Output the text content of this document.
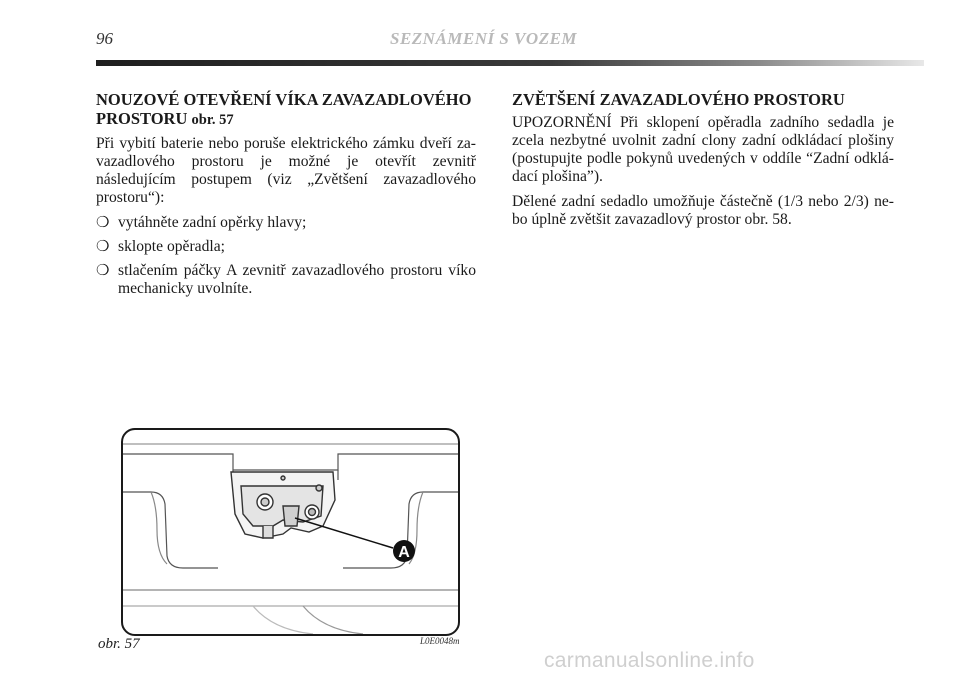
96	SEZNÁMENÍ S VOZEM
NOUZOVÉ OTEVŘENÍ VÍKA ZAVAZADLOVÉHO PROSTORU obr. 57

Při vybití baterie nebo poruše elektrického zámku dveří za-vazadlového prostoru je možné je otevřít zevnitř následujícím postupem (viz „Zvětšení zavazadlového prostoru“):

❍ vytáhněte zadní opěrky hlavy;
❍ sklopte opěradla;
❍ stlačením páčky A zevnitř zavazadlového prostoru víko mechanicky uvolníte.
ZVĚTŠENÍ ZAVAZADLOVÉHO PROSTORU

UPOZORNĚNÍ Při sklopení opěradla zadního sedadla je zcela nezbytné uvolnit zadní clony zadní odkládací plošiny (postupujte podle pokynů uvedených v oddíle “Zadní odklá-dací plošina”).

Dělené zadní sedadlo umožňuje částečně (1/3 nebo 2/3) ne-bo úplně zvětšit zavazadlový prostor obr. 58.

A
obr. 57	L0E0048m
carmanualsonline.info
